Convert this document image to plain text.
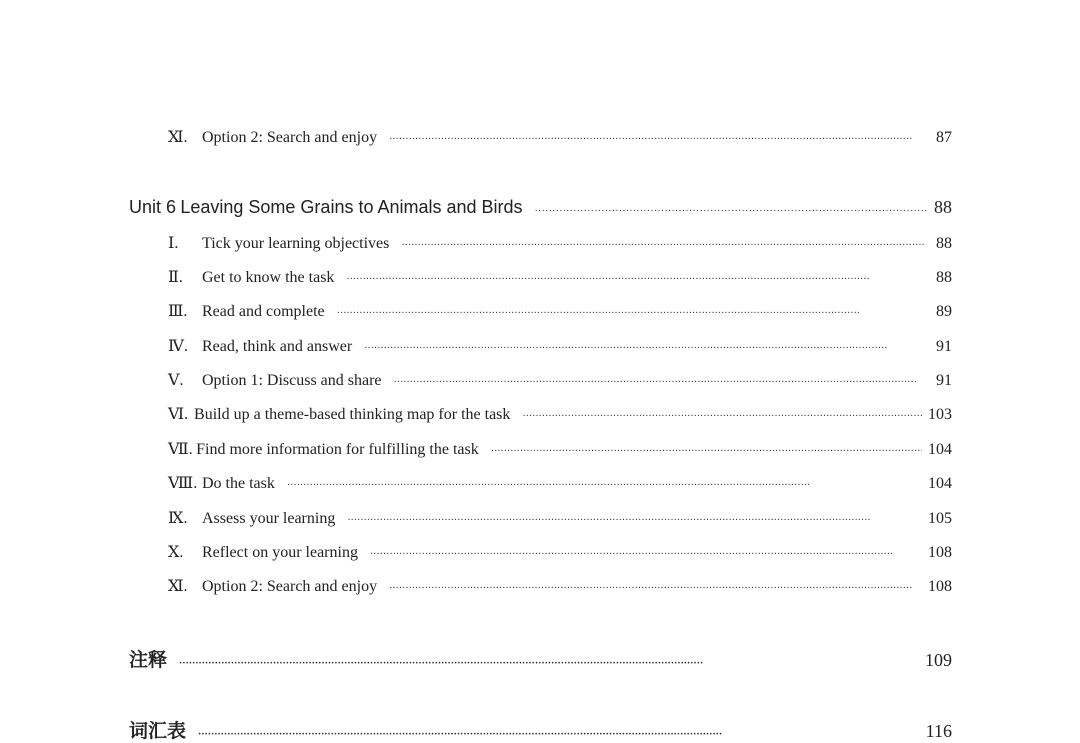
Ⅺ. Option 2: Search and enjoy · · ·	87
Unit 6 Leaving Some Grains to Animals and Birds · · ·	88
Ⅰ.	Tick your learning objectives · · ·	88
Ⅱ.	Get to know the task · · ·	88
Ⅲ. Read and complete · · ·	89
Ⅳ. Read, think and answer · · ·	91
Ⅴ.	Option 1: Discuss and share · · ·	91
Ⅵ. Build up a theme-based thinking map for the task · · ·	103
Ⅶ. Find more information for fulfilling the task · · ·	104
Ⅷ. Do the task · · ·	104
Ⅸ. Assess your learning · · ·	105
Ⅹ.	Reflect on your learning · · ·	108
Ⅺ. Option 2: Search and enjoy · · ·	108
注释 · · ·	109
词汇表 · · ·	116
